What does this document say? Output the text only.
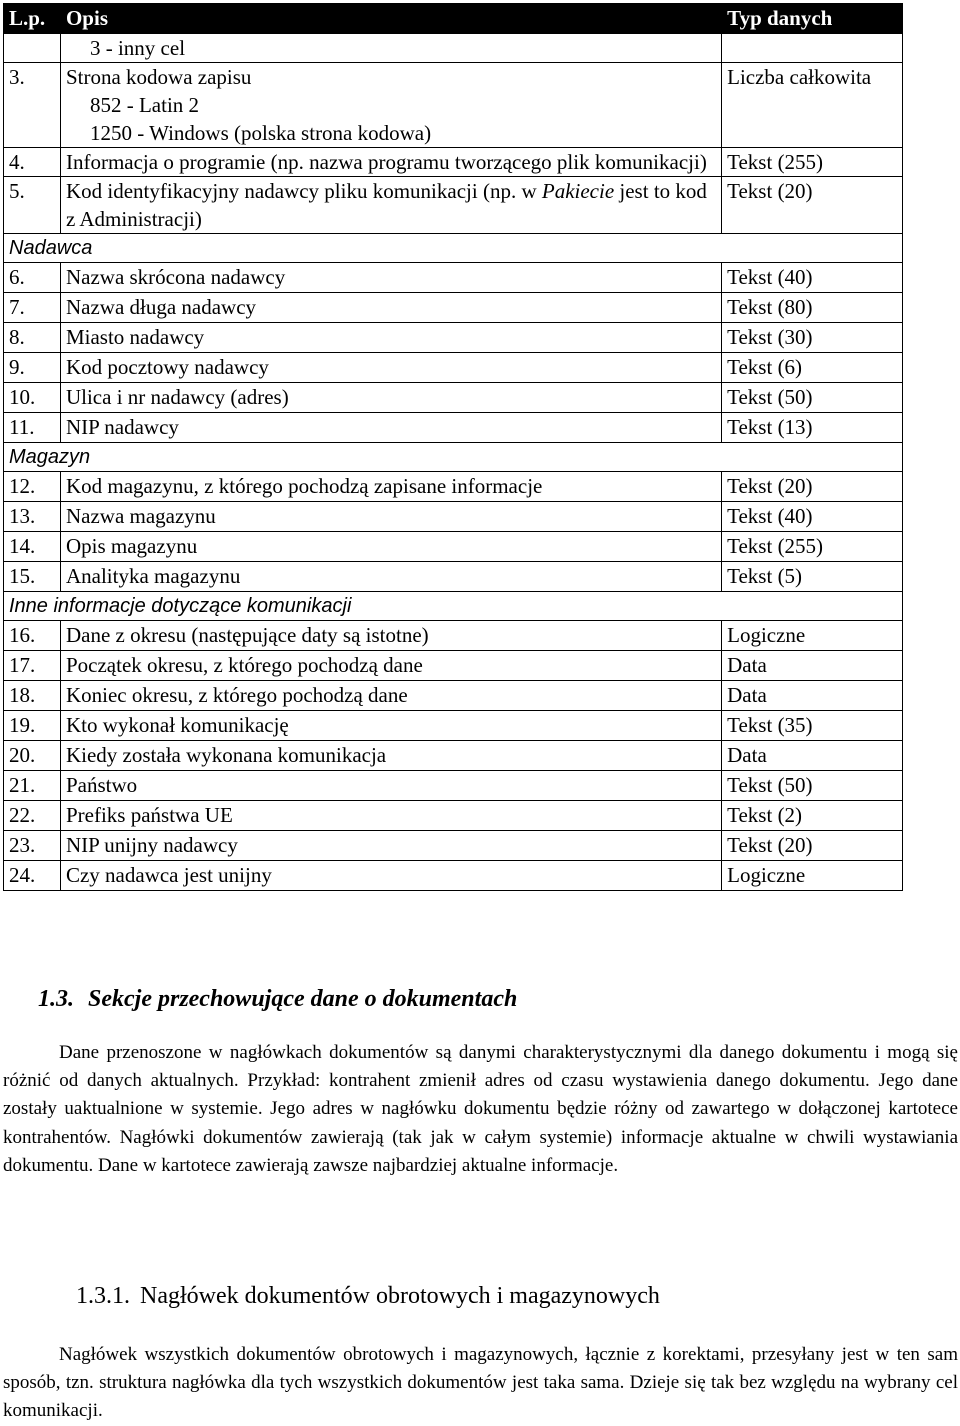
L.p.	Opis	Typ danych

	3 - inny cel	

3.	Strona kodowa zapisu
852 - Latin 2
1250 - Windows (polska strona kodowa)	Liczba całkowita
4.	Informacja o programie (np. nazwa programu tworzącego plik komunikacji)	Tekst (255)
5.	Kod identyfikacyjny nadawcy pliku komunikacji (np. w Pakiecie jest to kod z Administracji)	Tekst (20)
Nadawca		
6.	Nazwa skrócona nadawcy	Tekst (40)
7.	Nazwa długa nadawcy	Tekst (80)
8.	Miasto nadawcy	Tekst (30)
9.	Kod pocztowy nadawcy	Tekst (6)
10.	Ulica i nr nadawcy (adres)	Tekst (50)
11.	NIP nadawcy	Tekst (13)
Magazyn		
12.	Kod magazynu, z którego pochodzą zapisane informacje	Tekst (20)
13.	Nazwa magazynu	Tekst (40)
14.	Opis magazynu	Tekst (255)
15.	Analityka magazynu	Tekst (5)
Inne informacje dotyczące komunikacji		
16.	Dane z okresu (następujące daty są istotne)	Logiczne
17.	Początek okresu, z którego pochodzą dane	Data
18.	Koniec okresu, z którego pochodzą dane	Data
19.	Kto wykonał komunikację	Tekst (35)
20.	Kiedy została wykonana komunikacja	Data
21.	Państwo	Tekst (50)
22.	Prefiks państwa UE	Tekst (2)
23.	NIP unijny nadawcy	Tekst (20)
24.	Czy nadawca jest unijny	Logiczne
1.3. Sekcje przechowujące dane o dokumentach

Dane przenoszone w nagłówkach dokumentów są danymi charakterystycznymi dla danego dokumentu i mogą się różnić od danych aktualnych. Przykład: kontrahent zmienił adres od czasu wystawienia danego dokumentu. Jego dane zostały uaktualnione w systemie. Jego adres w nagłówku dokumentu będzie różny od zawartego w dołączonej kartotece kontrahentów. Nagłówki dokumentów zawierają (tak jak w całym systemie) informacje aktualne w chwili wystawiania dokumentu. Dane w kartotece zawierają zawsze najbardziej aktualne informacje.

1.3.1. Nagłówek dokumentów obrotowych i magazynowych

Nagłówek wszystkich dokumentów obrotowych i magazynowych, łącznie z korektami, przesyłany jest w ten sam sposób, tzn. struktura nagłówka dla tych wszystkich dokumentów jest taka sama. Dzieje się tak bez względu na wybrany cel komunikacji.
